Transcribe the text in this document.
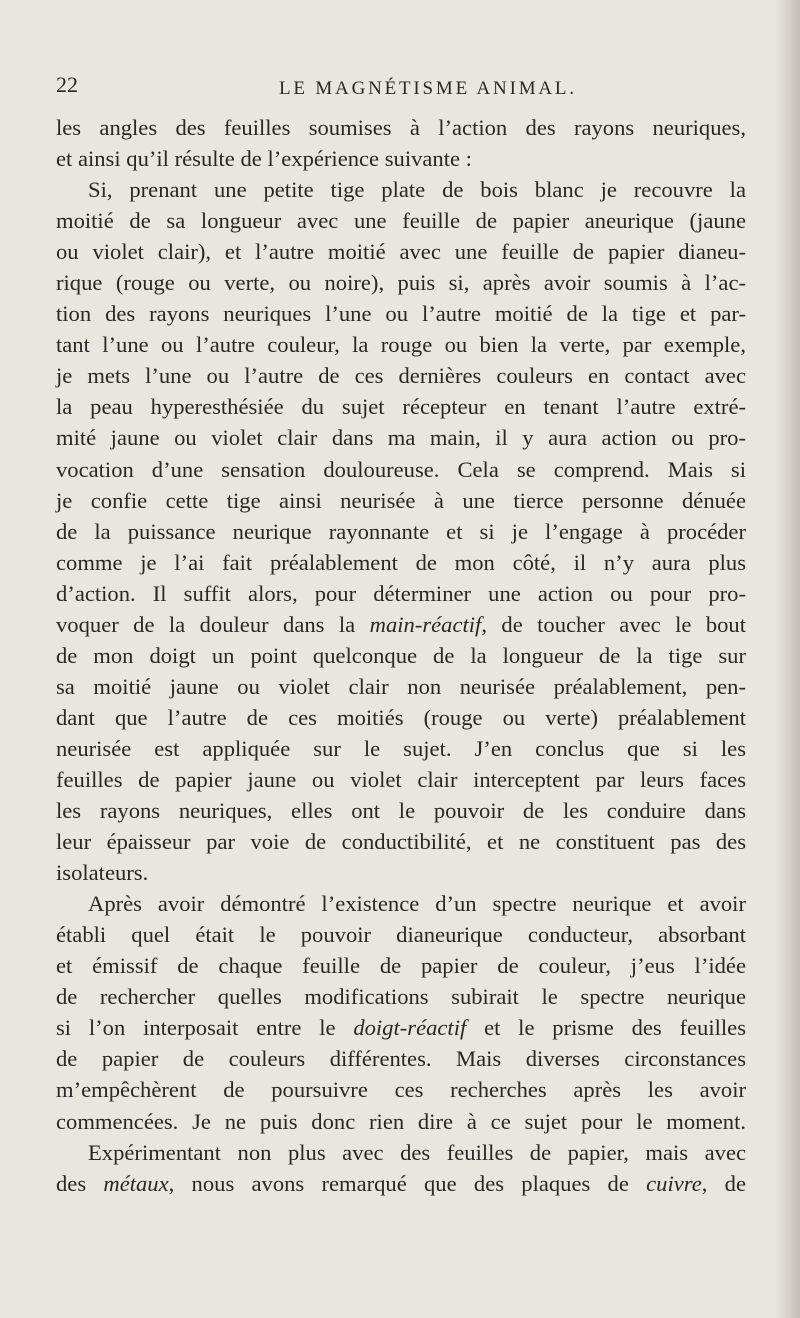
22	LE MAGNÉTISME ANIMAL.
les angles des feuilles soumises à l’action des rayons neuriques,
et ainsi qu’il résulte de l’expérience suivante :
Si, prenant une petite tige plate de bois blanc je recouvre la
moitié de sa longueur avec une feuille de papier aneurique (jaune
ou violet clair), et l’autre moitié avec une feuille de papier dianeu-
rique (rouge ou verte, ou noire), puis si, après avoir soumis à l’ac-
tion des rayons neuriques l’une ou l’autre moitié de la tige et par-
tant l’une ou l’autre couleur, la rouge ou bien la verte, par exemple,
je mets l’une ou l’autre de ces dernières couleurs en contact avec
la peau hyperesthésiée du sujet récepteur en tenant l’autre extré-
mité jaune ou violet clair dans ma main, il y aura action ou pro-
vocation d’une sensation douloureuse. Cela se comprend. Mais si
je confie cette tige ainsi neurisée à une tierce personne dénuée
de la puissance neurique rayonnante et si je l’engage à procéder
comme je l’ai fait préalablement de mon côté, il n’y aura plus
d’action. Il suffit alors, pour déterminer une action ou pour pro-
voquer de la douleur dans la main-réactif, de toucher avec le bout
de mon doigt un point quelconque de la longueur de la tige sur
sa moitié jaune ou violet clair non neurisée préalablement, pen-
dant que l’autre de ces moitiés (rouge ou verte) préalablement
neurisée est appliquée sur le sujet. J’en conclus que si les
feuilles de papier jaune ou violet clair interceptent par leurs faces
les rayons neuriques, elles ont le pouvoir de les conduire dans
leur épaisseur par voie de conductibilité, et ne constituent pas des
isolateurs.
Après avoir démontré l’existence d’un spectre neurique et avoir
établi quel était le pouvoir dianeurique conducteur, absorbant
et émissif de chaque feuille de papier de couleur, j’eus l’idée
de rechercher quelles modifications subirait le spectre neurique
si l’on interposait entre le doigt-réactif et le prisme des feuilles
de papier de couleurs différentes. Mais diverses circonstances
m’empêchèrent de poursuivre ces recherches après les avoir
commencées. Je ne puis donc rien dire à ce sujet pour le moment.
Expérimentant non plus avec des feuilles de papier, mais avec
des métaux, nous avons remarqué que des plaques de cuivre, de
